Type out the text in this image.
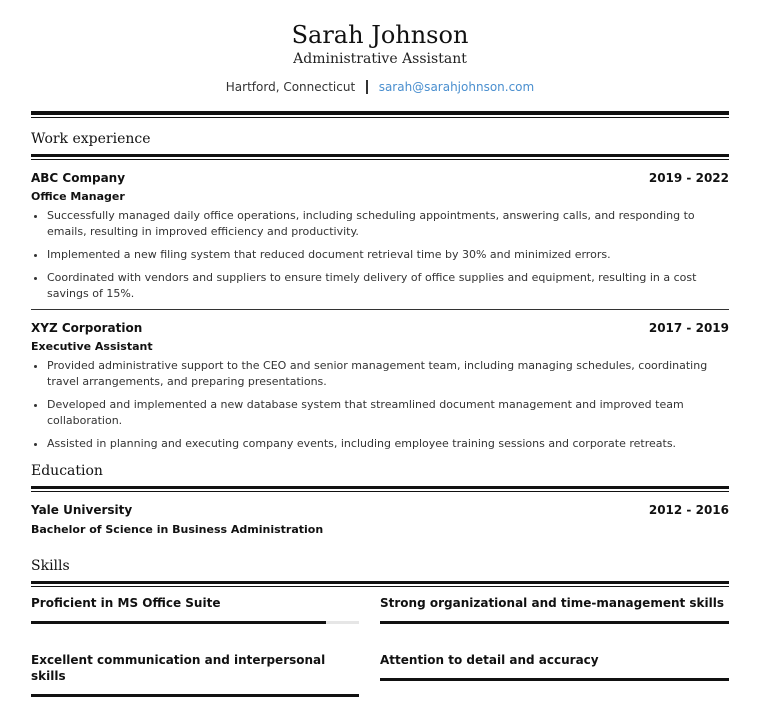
Sarah Johnson
Administrative Assistant
Hartford, Connecticut sarah@sarahjohnson.com
Work experience
ABC Company	2019 - 2022
Office Manager
• Successfully managed daily office operations, including scheduling appointments, answering calls, and responding to emails, resulting in improved efficiency and productivity.
• Implemented a new filing system that reduced document retrieval time by 30% and minimized errors.
• Coordinated with vendors and suppliers to ensure timely delivery of office supplies and equipment, resulting in a cost savings of 15%.
XYZ Corporation	2017 - 2019
Executive Assistant
• Provided administrative support to the CEO and senior management team, including managing schedules, coordinating travel arrangements, and preparing presentations.
• Developed and implemented a new database system that streamlined document management and improved team collaboration.
• Assisted in planning and executing company events, including employee training sessions and corporate retreats.
Education
Yale University	2012 - 2016
Bachelor of Science in Business Administration
Skills
Proficient in MS Office Suite	Strong organizational and time-management skills
Excellent communication and interpersonal skills
Attention to detail and accuracy
